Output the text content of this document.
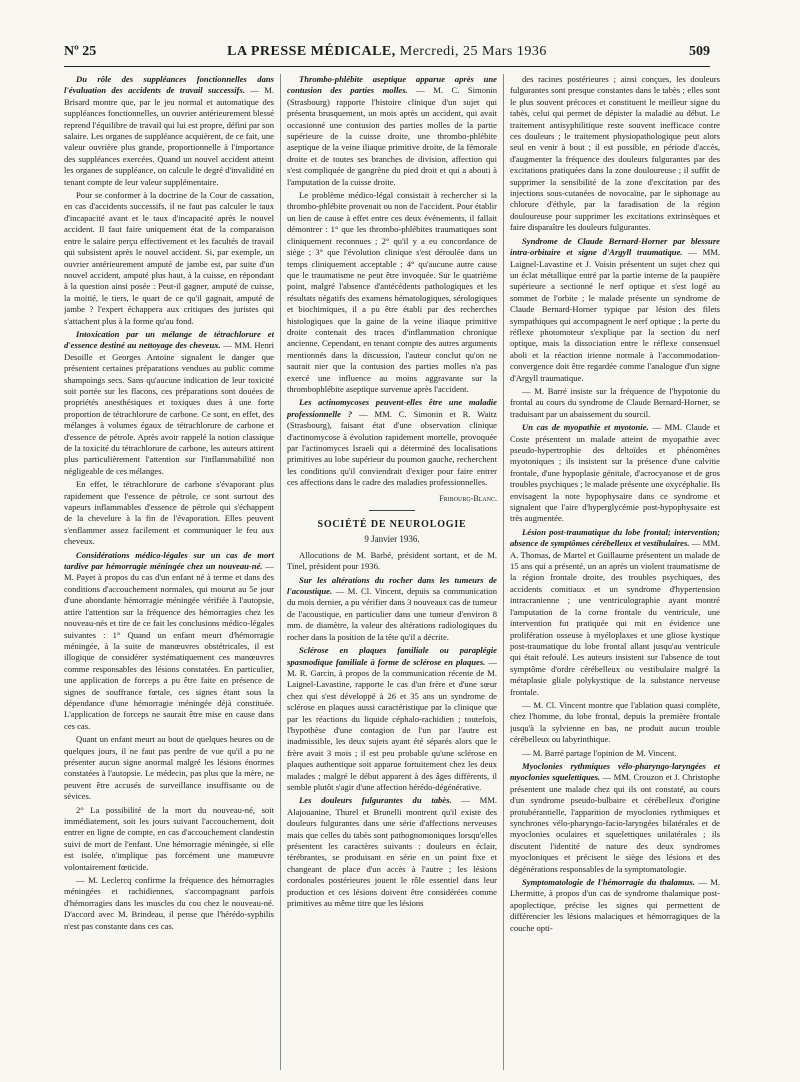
Nº 25	LA PRESSE MÉDICALE, Mercredi, 25 Mars 1936	509

Du rôle des suppléances fonctionnelles dans l'évaluation des accidents de travail successifs. — M. Brisard montre que, par le jeu normal et automatique des suppléances fonctionnelles, un ouvrier antérieurement blessé reprend l'équilibre de travail qui lui est propre, défini par son salaire. Les organes de suppléance acquièrent, de ce fait, une valeur ouvrière plus grande, proportionnelle à l'importance des suppléances exercées. Quand un nouvel accident atteint les organes de suppléance, on calcule le degré d'invalidité en tenant compte de leur valeur supplémentaire.

Pour se conformer à la doctrine de la Cour de cassation, en cas d'accidents successifs, il ne faut pas calculer le taux d'incapacité avant et le taux d'incapacité après le nouvel accident. Il faut faire uniquement état de la comparaison entre le salaire perçu effectivement et les facultés de travail qui subsistent après le nouvel accident. Si, par exemple, un ouvrier antérieurement amputé de jambe est, par suite d'un nouvel accident, amputé plus haut, à la cuisse, en répondant à la question ainsi posée : Peut-il gagner, amputé de cuisse, la moitié, le tiers, le quart de ce qu'il gagnait, amputé de jambe ? l'expert échappera aux critiques des juristes qui s'attachent plus à la forme qu'au fond.

Intoxication par un mélange de tétrachlorure et d'essence destiné au nettoyage des cheveux. — MM. Henri Desoille et Georges Antoine signalent le danger que présentent certaines préparations vendues au public comme shampoings secs. Sans qu'aucune indication de leur toxicité soit portée sur les flacons, ces préparations sont douées de propriétés anesthésiques et toxiques dues à une forte proportion de tétrachlorure de carbone. Ce sont, en effet, des mélanges à volumes égaux de tétrachlorure de carbone et d'essence de pétrole. Après avoir rappelé la notion classique de la toxicité du tétrachlorure de carbone, les auteurs attirent plus particulièrement l'attention sur l'inflammabilité non négligeable de ces mélanges.

En effet, le tétrachlorure de carbone s'évaporant plus rapidement que l'essence de pétrole, ce sont surtout des vapeurs inflammables d'essence de pétrole qui s'échappent de la chevelure à la fin de l'évaporation. Elles peuvent s'enflammer assez facilement et communiquer le feu aux cheveux.

Considérations médico-légales sur un cas de mort tardive par hémorragie méningée chez un nouveau-né. — M. Payet à propos du cas d'un enfant né à terme et dans des conditions d'accouchement normales, qui mourut au 5e jour d'une abondante hémorragie méningée vérifiée à l'autopsie, attire l'attention sur la fréquence des hémorragies chez les nouveau-nés et tire de ce fait les conclusions médico-légales suivantes : 1° Quand un enfant meurt d'hémorragie méningée, à la suite de manœuvres obstétricales, il est illogique de considérer systématiquement ces manœuvres comme responsables des lésions constatées. En particulier, une application de forceps a pu être faite en présence de signes de souffrance fœtale, ces signes étant sous la dépendance d'une hémorragie méningée déjà constituée. L'application de forceps ne saurait être mise en cause dans ces cas.

Quant un enfant meurt au bout de quelques heures ou de quelques jours, il ne faut pas perdre de vue qu'il a pu ne présenter aucun signe anormal malgré les lésions énormes constatées à l'autopsie. Le médecin, pas plus que la mère, ne peuvent être accusés de surveillance insuffisante ou de sévices.

2° La possibilité de la mort du nouveau-né, soit immédiatement, soit les jours suivant l'accouchement, doit entrer en ligne de compte, en cas d'accouchement clandestin suivi de mort de l'enfant. Une hémorragie méningée, si elle est isolée, n'implique pas forcément une manœuvre volontairement fœticide.

— M. Leclercq confirme la fréquence des hémorragies méningées et rachidiennes, s'accompagnant parfois d'hémorragies dans les muscles du cou chez le nouveau-né. D'accord avec M. Brindeau, il pense que l'hérédo-syphilis n'est pas constante dans ces cas.

Thrombo-phlébite aseptique apparue après une contusion des parties molles. — M. C. Simonin (Strasbourg) rapporte l'histoire clinique d'un sujet qui présenta brusquement, un mois après un accident, qui avait occasionné une contusion des parties molles de la partie supérieure de la cuisse droite, une thrombo-phlébite aseptique de la veine iliaque primitive droite, de la fémorale droite et de toutes ses branches de division, affection qui s'est compliquée de gangrène du pied droit et qui a abouti à l'amputation de la cuisse droite.

Le problème médico-légal consistait à rechercher si la thrombo-phlébite provenait ou non de l'accident. Pour établir un lien de cause à effet entre ces deux événements, il fallait démontrer : 1° que les thrombo-phlébites traumatiques sont cliniquement reconnues ; 2° qu'il y a eu concordance de siège ; 3° que l'évolution clinique s'est déroulée dans un temps cliniquement acceptable ; 4° qu'aucune autre cause que le traumatisme ne peut être invoquée. Sur le quatrième point, malgré l'absence d'antécédents pathologiques et les résultats négatifs des examens hématologiques, sérologiques et biochimiques, il a pu être établi par des recherches histologiques que la gaine de la veine iliaque primitive droite contenait des traces d'inflammation chronique ancienne. Cependant, en tenant compte des autres arguments mentionnés dans la discussion, l'auteur conclut qu'on ne saurait nier que la contusion des parties molles n'a pas exercé une influence au moins aggravante sur la thrombophlébite aseptique survenue après l'accident.

Les actinomycoses peuvent-elles être une maladie professionnelle ? — MM. C. Simonin et R. Waitz (Strasbourg), faisant état d'une observation clinique d'actinomycose à évolution rapidement mortelle, provoquée par l'actinomyces Israeli qui a déterminé des localisations primitives au lobe supérieur du poumon gauche, recherchent les conditions qu'il conviendrait d'exiger pour faire entrer ces affections dans le cadre des maladies professionnelles.

Fribourg-Blanc.
SOCIÉTÉ DE NEUROLOGIE
9 Janvier 1936.

Allocutions de M. Barbé, président sortant, et de M. Tinel, président pour 1936.

Sur les altérations du rocher dans les tumeurs de l'acoustique. — M. Cl. Vincent, depuis sa communication du mois dernier, a pu vérifier dans 3 nouveaux cas de tumeur de l'acoustique, en particulier dans une tumeur d'environ 8 mm. de diamètre, la valeur des altérations radiologiques du rocher dans la position de la tête qu'il a décrite.

Sclérose en plaques familiale ou paraplégie spasmodique familiale à forme de sclérose en plaques. — M. R. Garcin, à propos de la communication récente de M. Laignel-Lavastine, rapporte le cas d'un frère et d'une sœur chez qui s'est développé à 26 et 35 ans un syndrome de sclérose en plaques aussi caractéristique par la clinique que par les réactions du liquide céphalo-rachidien ; toutefois, l'hypothèse d'une contagion de l'un par l'autre est inadmissible, les deux sujets ayant été séparés alors que le frère avait 3 mois ; il est peu probable qu'une sclérose en plaques authentique soit apparue fortuitement chez les deux malades ; malgré le début apparent à des âges différents, il semble plutôt s'agir d'une affection hérédo-dégénérative.

Les douleurs fulgurantes du tabès. — MM. Alajouanine, Thurel et Brunelli montrent qu'il existe des douleurs fulgurantes dans une série d'affections nerveuses mais que celles du tabès sont pathognomoniques lorsqu'elles présentent les caractères suivants : douleurs en éclair, térébrantes, se produisant en série en un point fixe et changeant de place d'un accès à l'autre ; les lésions cordonales postérieures jouent le rôle essentiel dans leur production et ces lésions doivent être considérées comme primitives au même titre que les lésions

des racines postérieures ; ainsi conçues, les douleurs fulgurantes sont presque constantes dans le tabès ; elles sont le plus souvent précoces et constituent le meilleur signe du tabès, celui qui permet de dépister la maladie au début. Le traitement antisyphilitique reste souvent inefficace contre ces douleurs ; le traitement physiopathologique peut alors seul en venir à bout ; il est possible, en période d'accès, d'augmenter la fréquence des douleurs fulgurantes par des excitations pratiquées dans la zone douloureuse ; il suffit de supprimer la sensibilité de la zone d'excitation par des injections sous-cutanées de novocaïne, par le siphonage au chlorure d'éthyle, par la faradisation de la région douloureuse pour supprimer les excitations extrinsèques et faire disparaître les douleurs fulgurantes.

Syndrome de Claude Bernard-Horner par blessure intra-orbitaire et signe d'Argyll traumatique. — MM. Laignel-Lavastine et J. Voisin présentent un sujet chez qui un éclat métallique entré par la partie interne de la paupière supérieure a sectionné le nerf optique et s'est logé au sommet de l'orbite ; le malade présente un syndrome de Claude Bernard-Horner typique par lésion des filets sympathiques qui accompagnent le nerf optique ; la perte du réflexe photomoteur s'explique par la section du nerf optique, mais la dissociation entre le réflexe consensuel aboli et la réaction irienne normale à l'accommodation-convergence doit être regardée comme l'analogue d'un signe d'Argyll traumatique.

— M. Barré insiste sur la fréquence de l'hypotonie du frontal au cours du syndrome de Claude Bernard-Horner, se traduisant par un abaissement du sourcil.

Un cas de myopathie et myotonie. — MM. Claude et Coste présentent un malade atteint de myopathie avec pseudo-hypertrophie des deltoïdes et phénomènes myotoniques ; ils insistent sur la présence d'une calvitie frontale, d'une hypoplasie génitale, d'acrocyanose et de gros troubles psychiques ; le malade présente une oxycéphalie. Ils envisagent la note hypophysaire dans ce syndrome et signalent que l'aire d'hyperglycémie post-hypophysaire est très augmentée.

Lésion post-traumatique du lobe frontal; intervention; absence de symptômes cérébelleux et vestibulaires. — MM. A. Thomas, de Martel et Guillaume présentent un malade de 15 ans qui a présenté, un an après un violent traumatisme de la région frontale droite, des troubles psychiques, des accidents comitiaux et un syndrome d'hypertension intracranienne ; une ventriculographie ayant montré l'amputation de la corne frontale du ventricule, une intervention fut pratiquée qui mit en évidence une prolifération osseuse à myéloplaxes et une gliose kystique post-traumatique du lobe frontal allant jusqu'au ventricule qui était refoulé. Les auteurs insistent sur l'absence de tout symptôme d'ordre cérébelleux ou vestibulaire malgré la métaplasie gliale polykystique de la substance nerveuse frontale.

— M. Cl. Vincent montre que l'ablation quasi complète, chez l'homme, du lobe frontal, depuis la première frontale jusqu'à la sylvienne en bas, ne produit aucun trouble cérébelleux ou labyrinthique.

— M. Barré partage l'opinion de M. Vincent.

Myoclonies rythmiques vélo-pharyngo-laryngées et myoclonies squelettiques. — MM. Crouzon et J. Christophe présentent une malade chez qui ils ont constaté, au cours d'un syndrome pseudo-bulbaire et cérébelleux d'origine protubérantielle, l'apparition de myoclonies rythmiques et synchrones vélo-pharyngo-facio-laryngées bilatérales et de myoclonies oculaires et squelettiques unilatérales ; ils discutent l'identité de nature des deux syndromes myocloniques et précisent le siège des lésions et des dégénérations responsables de la symptomatologie.

Symptomatologie de l'hémorragie du thalamus. — M. Lhermitte, à propos d'un cas de syndrome thalamique post-apoplectique, précise les signes qui permettent de différencier les lésions malaciques et hémorragiques de la couche opti-
